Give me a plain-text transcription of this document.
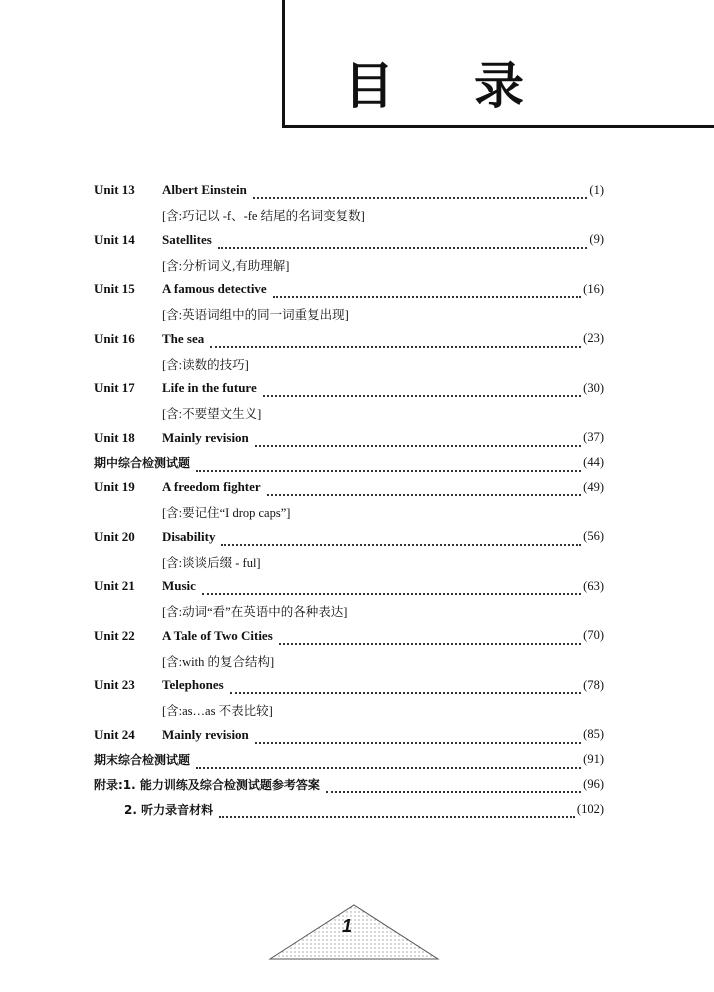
目 录
Unit 13	Albert Einstein	(1)
[含:巧记以 -f、-fe 结尾的名词变复数]
Unit 14	Satellites	(9)
[含:分析词义,有助理解]
Unit 15	A famous detective	(16)
[含:英语词组中的同一词重复出现]
Unit 16	The sea	(23)
[含:读数的技巧]
Unit 17	Life in the future	(30)
[含:不要望文生义]
Unit 18	Mainly revision	(37)
期中综合检测试题	(44)
Unit 19	A freedom fighter	(49)
[含:要记住“I drop caps”]
Unit 20	Disability	(56)
[含:谈谈后缀 - ful]
Unit 21	Music	(63)
[含:动词“看”在英语中的各种表达]
Unit 22	A Tale of Two Cities	(70)
[含:with 的复合结构]
Unit 23	Telephones	(78)
[含:as…as 不表比较]
Unit 24	Mainly revision	(85)
期末综合检测试题	(91)
附录:1. 能力训练及综合检测试题参考答案	(96)
2. 听力录音材料	(102)
1
